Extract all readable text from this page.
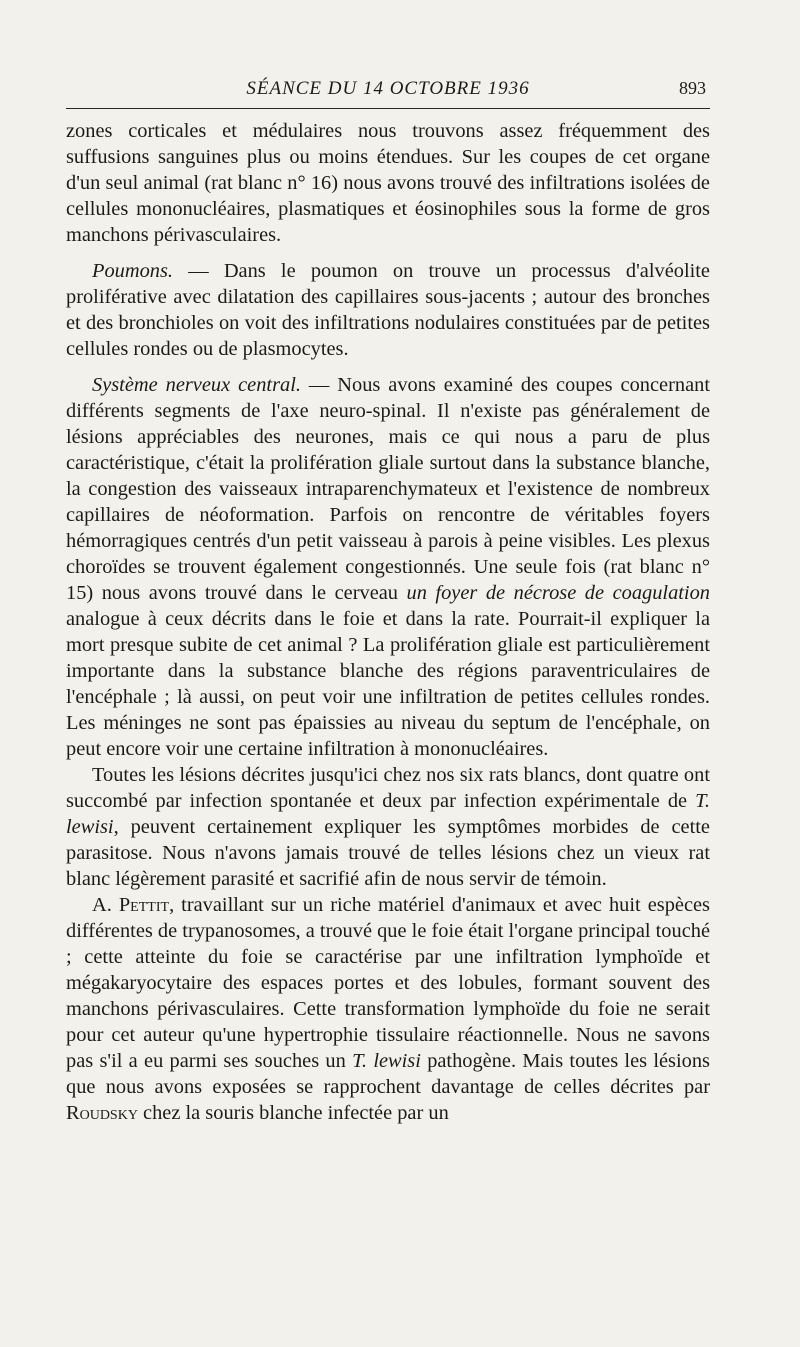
SÉANCE DU 14 OCTOBRE 1936	893

zones corticales et médulaires nous trouvons assez fréquemment des suffusions sanguines plus ou moins étendues. Sur les coupes de cet organe d'un seul animal (rat blanc n° 16) nous avons trouvé des infiltrations isolées de cellules mononucléaires, plasmatiques et éosinophiles sous la forme de gros manchons périvasculaires.

Poumons. — Dans le poumon on trouve un processus d'alvéolite proliférative avec dilatation des capillaires sous-jacents ; autour des bronches et des bronchioles on voit des infiltrations nodulaires constituées par de petites cellules rondes ou de plasmocytes.

Système nerveux central. — Nous avons examiné des coupes concernant différents segments de l'axe neuro-spinal. Il n'existe pas généralement de lésions appréciables des neurones, mais ce qui nous a paru de plus caractéristique, c'était la prolifération gliale surtout dans la substance blanche, la congestion des vaisseaux intraparenchymateux et l'existence de nombreux capillaires de néoformation. Parfois on rencontre de véritables foyers hémorragiques centrés d'un petit vaisseau à parois à peine visibles. Les plexus choroïdes se trouvent également congestionnés. Une seule fois (rat blanc n° 15) nous avons trouvé dans le cerveau un foyer de nécrose de coagulation analogue à ceux décrits dans le foie et dans la rate. Pourrait-il expliquer la mort presque subite de cet animal ? La prolifération gliale est particulièrement importante dans la substance blanche des régions paraventriculaires de l'encéphale ; là aussi, on peut voir une infiltration de petites cellules rondes. Les méninges ne sont pas épaissies au niveau du septum de l'encéphale, on peut encore voir une certaine infiltration à mononucléaires.

Toutes les lésions décrites jusqu'ici chez nos six rats blancs, dont quatre ont succombé par infection spontanée et deux par infection expérimentale de T. lewisi, peuvent certainement expliquer les symptômes morbides de cette parasitose. Nous n'avons jamais trouvé de telles lésions chez un vieux rat blanc légèrement parasité et sacrifié afin de nous servir de témoin.

A. Pettit, travaillant sur un riche matériel d'animaux et avec huit espèces différentes de trypanosomes, a trouvé que le foie était l'organe principal touché ; cette atteinte du foie se caractérise par une infiltration lymphoïde et mégakaryocytaire des espaces portes et des lobules, formant souvent des manchons périvasculaires. Cette transformation lymphoïde du foie ne serait pour cet auteur qu'une hypertrophie tissulaire réactionnelle. Nous ne savons pas s'il a eu parmi ses souches un T. lewisi pathogène. Mais toutes les lésions que nous avons exposées se rapprochent davantage de celles décrites par Roudsky chez la souris blanche infectée par un
